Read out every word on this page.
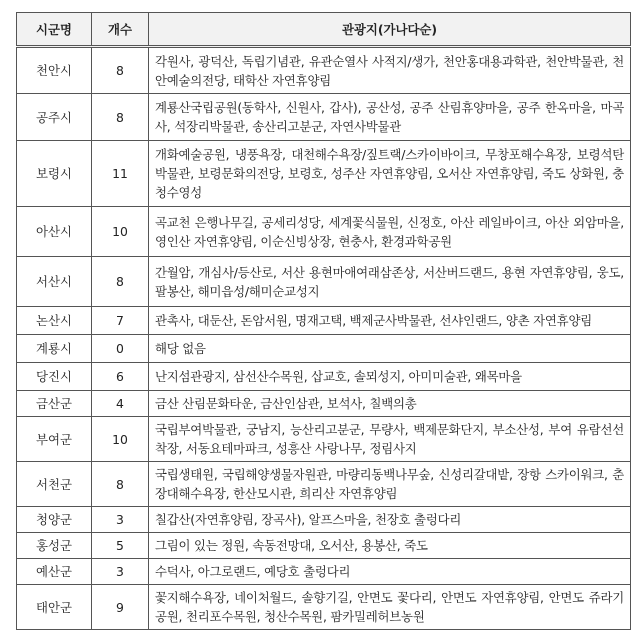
시군명	개수	관광지(가나다순)
천안시	8	각원사, 광덕산, 독립기념관, 유관순열사 사적지/생가, 천안홍대용과학관, 천안박물관, 천안예술의전당, 태학산 자연휴양림
공주시	8	계룡산국립공원(동학사, 신원사, 갑사), 공산성, 공주 산림휴양마을, 공주 한옥마을, 마곡사, 석장리박물관, 송산리고분군, 자연사박물관
보령시	11	개화예술공원, 냉풍욕장, 대천해수욕장/짚트랙/스카이바이크, 무창포해수욕장, 보령석탄박물관, 보령문화의전당, 보령호, 성주산 자연휴양림, 오서산 자연휴양림, 죽도 상화원, 충청수영성
아산시	10	곡교천 은행나무길, 공세리성당, 세계꽃식물원, 신정호, 아산 레일바이크, 아산 외암마을, 영인산 자연휴양림, 이순신빙상장, 현충사, 환경과학공원
서산시	8	간월암, 개심사/등산로, 서산 용현마애여래삼존상, 서산버드랜드, 용현 자연휴양림, 웅도, 팔봉산, 해미읍성/해미순교성지
논산시	7	관촉사, 대둔산, 돈암서원, 명재고택, 백제군사박물관, 선샤인랜드, 양촌 자연휴양림
계룡시	0	해당 없음
당진시	6	난지섬관광지, 삼선산수목원, 삽교호, 솔뫼성지, 아미미술관, 왜목마을
금산군	4	금산 산림문화타운, 금산인삼관, 보석사, 칠백의총
부여군	10	국립부여박물관, 궁남지, 능산리고분군, 무량사, 백제문화단지, 부소산성, 부여 유람선선착장, 서동요테마파크, 성흥산 사랑나무, 정림사지
서천군	8	국립생태원, 국립해양생물자원관, 마량리동백나무숲, 신성리갈대밭, 장항 스카이워크, 춘장대해수욕장, 한산모시관, 희리산 자연휴양림
청양군	3	칠갑산(자연휴양림, 장곡사), 알프스마을, 천장호 출렁다리
홍성군	5	그림이 있는 정원, 속동전망대, 오서산, 용봉산, 죽도
예산군	3	수덕사, 아그로랜드, 예당호 출렁다리
태안군	9	꽃지해수욕장, 네이처월드, 솔향기길, 안면도 꽃다리, 안면도 자연휴양림, 안면도 쥬라기공원, 천리포수목원, 청산수목원, 팜카밀레허브농원
